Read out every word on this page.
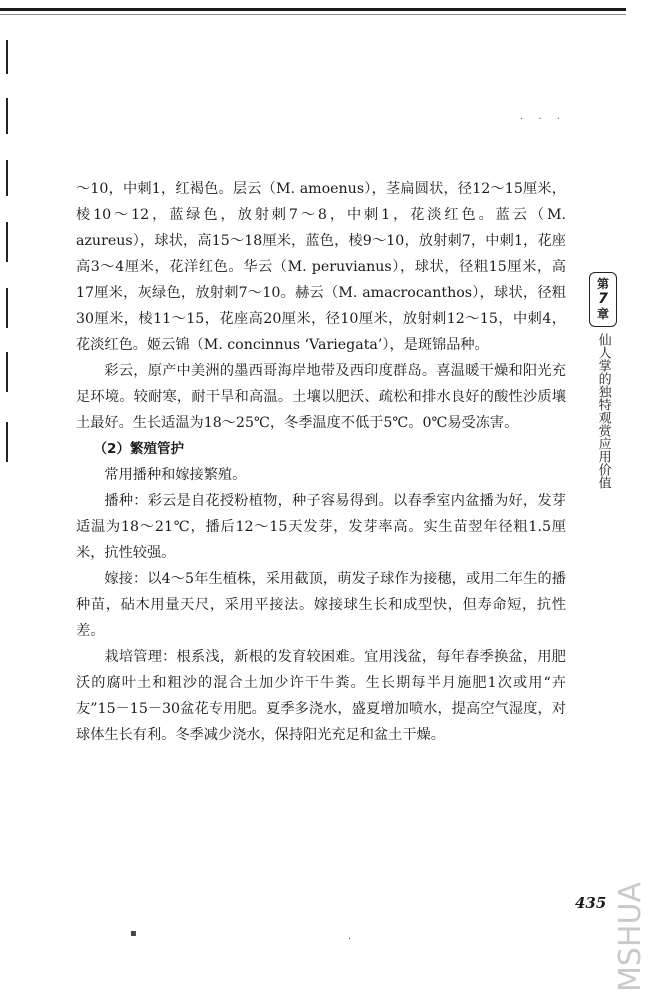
· · ·

～10，中刺1，红褐色。层云（M. amoenus），茎扁圆状，径12～15厘米，棱10～12，蓝绿色，放射刺7～8，中刺1，花淡红色。蓝云（M. azureus），球状，高15～18厘米，蓝色，棱9～10，放射刺7，中刺1，花座高3～4厘米，花洋红色。华云（M. peruvianus），球状，径粗15厘米，高17厘米，灰绿色，放射刺7～10。赫云（M. amacrocanthos），球状，径粗30厘米，棱11～15，花座高20厘米，径10厘米，放射刺12～15，中刺4，花淡红色。姬云锦（M. concinnus ‘Variegata’），是斑锦品种。

彩云，原产中美洲的墨西哥海岸地带及西印度群岛。喜温暖干燥和阳光充足环境。较耐寒，耐干旱和高温。土壤以肥沃、疏松和排水良好的酸性沙质壤土最好。生长适温为18～25℃，冬季温度不低于5℃。0℃易受冻害。

（2）繁殖管护

常用播种和嫁接繁殖。

播种：彩云是自花授粉植物，种子容易得到。以春季室内盆播为好，发芽适温为18～21℃，播后12～15天发芽，发芽率高。实生苗翌年径粗1.5厘米，抗性较强。

嫁接：以4～5年生植株，采用截顶，萌发子球作为接穗，或用二年生的播种苗，砧木用量天尺，采用平接法。嫁接球生长和成型快，但寿命短，抗性差。

栽培管理：根系浅，新根的发育较困难。宜用浅盆，每年春季换盆，用肥沃的腐叶土和粗沙的混合土加少许干牛粪。生长期每半月施肥1次或用“卉友”15－15－30盆花专用肥。夏季多浇水，盛夏增加喷水，提高空气湿度，对球体生长有利。冬季减少浇水，保持阳光充足和盆土干燥。

第
7
章
仙人掌的独特观赏应用价值
435 MSHUA
▪
·
